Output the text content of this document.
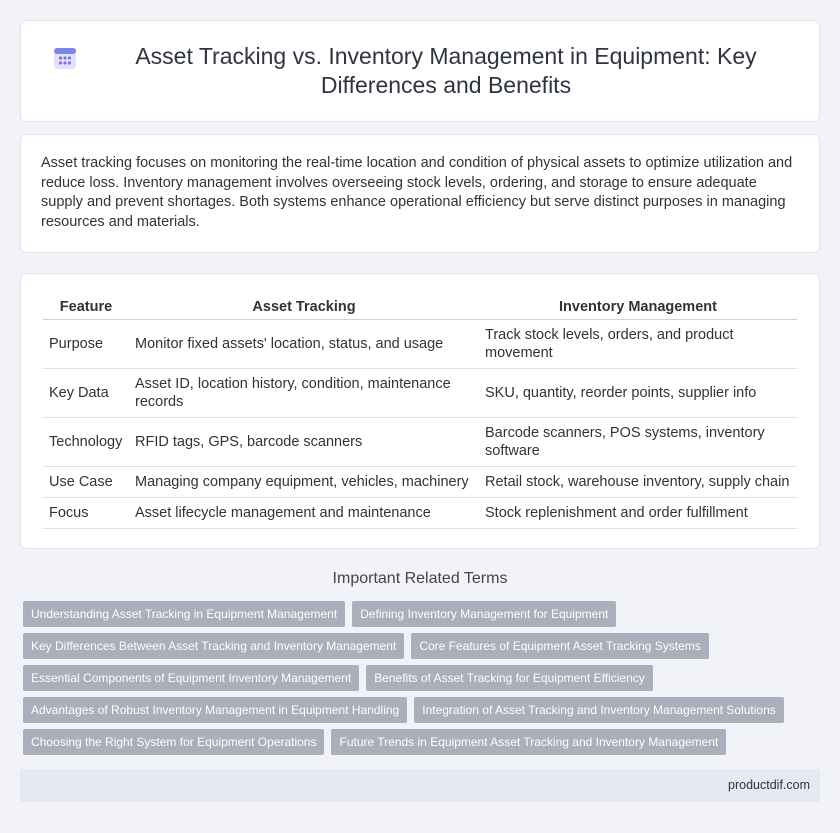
Asset Tracking vs. Inventory Management in Equipment: Key Differences and Benefits

Asset tracking focuses on monitoring the real-time location and condition of physical assets to optimize utilization and reduce loss. Inventory management involves overseeing stock levels, ordering, and storage to ensure adequate supply and prevent shortages. Both systems enhance operational efficiency but serve distinct purposes in managing resources and materials.

Feature	Asset Tracking	Inventory Management
Purpose	Monitor fixed assets' location, status, and usage	Track stock levels, orders, and product movement
Key Data	Asset ID, location history, condition, maintenance records	SKU, quantity, reorder points, supplier info
Technology	RFID tags, GPS, barcode scanners	Barcode scanners, POS systems, inventory software
Use Case	Managing company equipment, vehicles, machinery	Retail stock, warehouse inventory, supply chain
Focus	Asset lifecycle management and maintenance	Stock replenishment and order fulfillment
Important Related Terms
Understanding Asset Tracking in Equipment Management	Defining Inventory Management for Equipment
Key Differences Between Asset Tracking and Inventory Management	Core Features of Equipment Asset Tracking Systems
Essential Components of Equipment Inventory Management	Benefits of Asset Tracking for Equipment Efficiency
Advantages of Robust Inventory Management in Equipment Handling	Integration of Asset Tracking and Inventory Management Solutions
Choosing the Right System for Equipment Operations	Future Trends in Equipment Asset Tracking and Inventory Management
productdif.com
